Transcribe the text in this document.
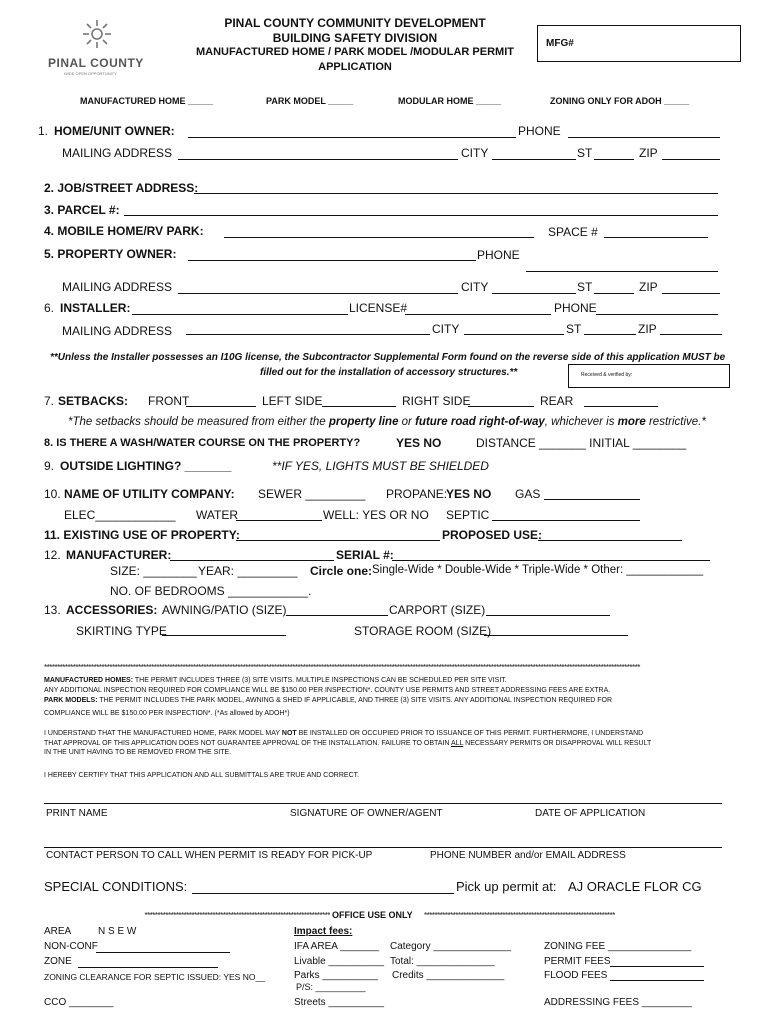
PINAL COUNTY
WIDE OPEN OPPORTUNITY
PINAL COUNTY COMMUNITY DEVELOPMENT
BUILDING SAFETY DIVISION
MANUFACTURED HOME / PARK MODEL /MODULAR PERMIT
APPLICATION
MFG#
MANUFACTURED HOME _____	PARK MODEL _____	MODULAR HOME _____	ZONING ONLY FOR ADOH _____
1. HOME/UNIT OWNER:	PHONE
MAILING ADDRESS	CITY	ST	ZIP
2. JOB/STREET ADDRESS:
3. PARCEL #:
4. MOBILE HOME/RV PARK:	SPACE #
5. PROPERTY OWNER:	PHONE
MAILING ADDRESS	CITY	ST	ZIP
6. INSTALLER:	LICENSE#	PHONE
MAILING ADDRESS	CITY	ST	ZIP
**Unless the Installer possesses an I10G license, the Subcontractor Supplemental Form found on the reverse side of this application MUST be
filled out for the installation of accessory structures.**	Received & verified by:
7. SETBACKS: FRONT	LEFT SIDE	RIGHT SIDE	REAR
*The setbacks should be measured from either the property line or future road right-of-way, whichever is more restrictive.*
8. IS THERE A WASH/WATER COURSE ON THE PROPERTY?	YES NO	DISTANCE _______ INITIAL ________
9. OUTSIDE LIGHTING? _______	**IF YES, LIGHTS MUST BE SHIELDED
10. NAME OF UTILITY COMPANY: SEWER _________ PROPANE:
YES NO GAS
ELEC____________ WATER	WELL: YES OR NO SEPTIC
11. EXISTING USE OF PROPERTY:	PROPOSED USE:
12. MANUFACTURER:	SERIAL #:
SIZE: ________ YEAR: _________ Circle one: Single-Wide * Double-Wide * Triple-Wide * Other: ____________
NO. OF BEDROOMS ____________.
13. ACCESSORIES: AWNING/PATIO (SIZE)	CARPORT (SIZE)
SKIRTING TYPE	STORAGE ROOM (SIZE)
************************************************************************************************************************************************************************************************************************************
MANUFACTURED HOMES: THE PERMIT INCLUDES THREE (3) SITE VISITS. MULTIPLE INSPECTIONS CAN BE SCHEDULED PER SITE VISIT.
ANY ADDITIONAL INSPECTION REQUIRED FOR COMPLIANCE WILL BE $150.00 PER INSPECTION*. COUNTY USE PERMITS AND STREET ADDRESSING FEES ARE EXTRA.
PARK MODELS: THE PERMIT INCLUDES THE PARK MODEL, AWNING & SHED IF APPLICABLE, AND THREE (3) SITE VISITS. ANY ADDITIONAL INSPECTION REQUIRED FOR
COMPLIANCE WILL BE $150.00 PER INSPECTION*. (*As allowed by ADOH*)
I UNDERSTAND THAT THE MANUFACTURED HOME, PARK MODEL MAY NOT BE INSTALLED OR OCCUPIED PRIOR TO ISSUANCE OF THIS PERMIT. FURTHERMORE, I UNDERSTAND
THAT APPROVAL OF THIS APPLICATION DOES NOT GUARANTEE APPROVAL OF THE INSTALLATION. FAILURE TO OBTAIN ALL NECESSARY PERMITS OR DISAPPROVAL WILL RESULT
IN THE UNIT HAVING TO BE REMOVED FROM THE SITE.
I HEREBY CERTIFY THAT THIS APPLICATION AND ALL SUBMITTALS ARE TRUE AND CORRECT.
PRINT NAME	SIGNATURE OF OWNER/AGENT	DATE OF APPLICATION
CONTACT PERSON TO CALL WHEN PERMIT IS READY FOR PICK-UP	PHONE NUMBER and/or EMAIL ADDRESS
SPECIAL CONDITIONS:	Pick up permit at: AJ ORACLE FLOR CG
*********************************************************************** OFFICE USE ONLY *************************************************************************
AREA	N S E W
NON-CONF
ZONE
ZONING CLEARANCE FOR SEPTIC ISSUED: YES NO__
CCO ________
Impact fees:
IFA AREA _______ Category ______________
Livable __________ Total: ______________
Parks __________ Credits ______________
P/S: __________
Streets __________
ZONING FEE _______________
PERMIT FEES
FLOOD FEES
ADDRESSING FEES _________
